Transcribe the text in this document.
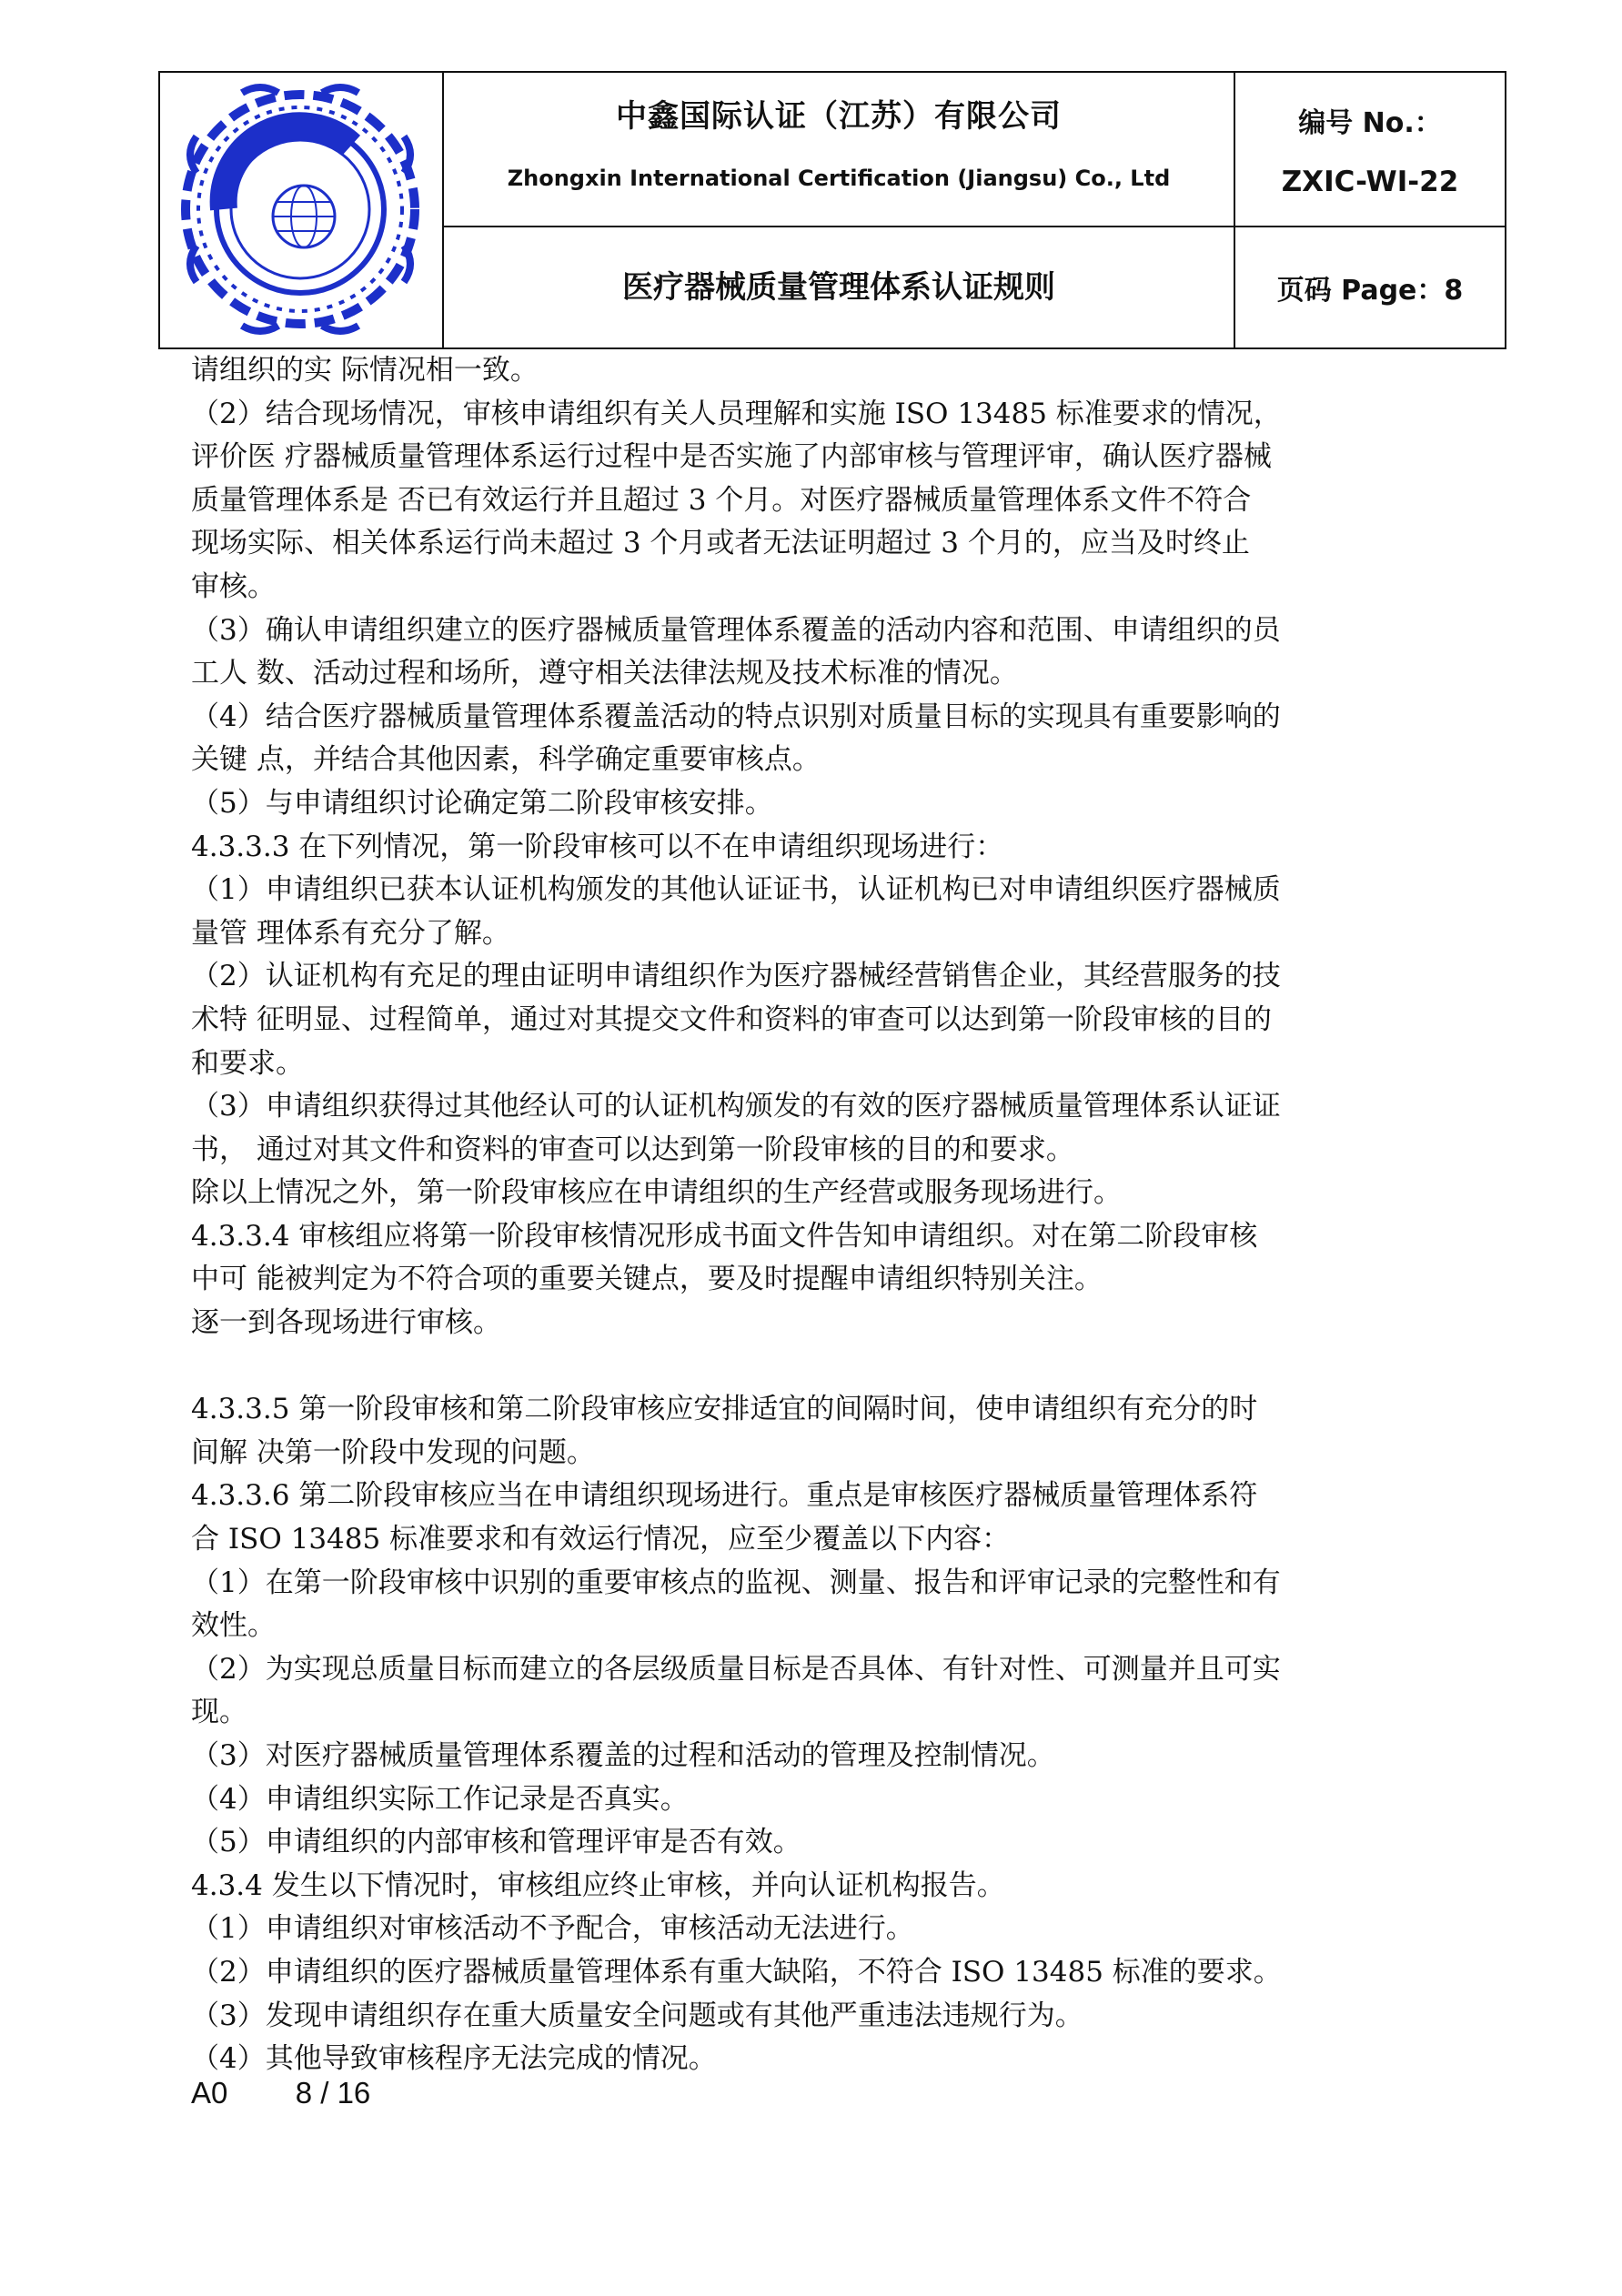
中鑫国际认证（江苏）有限公司
Zhongxin International Certification (Jiangsu) Co., Ltd
医疗器械质量管理体系认证规则
编号 No.：
ZXIC-WI-22
页码 Page：8
请组织的实 际情况相一致。
（2）结合现场情况，审核申请组织有关人员理解和实施 ISO 13485 标准要求的情况，
评价医 疗器械质量管理体系运行过程中是否实施了内部审核与管理评审，确认医疗器械
质量管理体系是 否已有效运行并且超过 3 个月。对医疗器械质量管理体系文件不符合
现场实际、相关体系运行尚未超过 3 个月或者无法证明超过 3 个月的，应当及时终止
审核。
（3）确认申请组织建立的医疗器械质量管理体系覆盖的活动内容和范围、申请组织的员
工人 数、活动过程和场所，遵守相关法律法规及技术标准的情况。
（4）结合医疗器械质量管理体系覆盖活动的特点识别对质量目标的实现具有重要影响的
关键 点，并结合其他因素，科学确定重要审核点。
（5）与申请组织讨论确定第二阶段审核安排。
4.3.3.3 在下列情况，第一阶段审核可以不在申请组织现场进行：
（1）申请组织已获本认证机构颁发的其他认证证书，认证机构已对申请组织医疗器械质
量管 理体系有充分了解。
（2）认证机构有充足的理由证明申请组织作为医疗器械经营销售企业，其经营服务的技
术特 征明显、过程简单，通过对其提交文件和资料的审查可以达到第一阶段审核的目的
和要求。
（3）申请组织获得过其他经认可的认证机构颁发的有效的医疗器械质量管理体系认证证
书， 通过对其文件和资料的审查可以达到第一阶段审核的目的和要求。
除以上情况之外，第一阶段审核应在申请组织的生产经营或服务现场进行。
4.3.3.4 审核组应将第一阶段审核情况形成书面文件告知申请组织。对在第二阶段审核
中可 能被判定为不符合项的重要关键点，要及时提醒申请组织特别关注。
逐一到各现场进行审核。
4.3.3.5 第一阶段审核和第二阶段审核应安排适宜的间隔时间，使申请组织有充分的时
间解 决第一阶段中发现的问题。
4.3.3.6 第二阶段审核应当在申请组织现场进行。重点是审核医疗器械质量管理体系符
合 ISO 13485 标准要求和有效运行情况，应至少覆盖以下内容：
（1）在第一阶段审核中识别的重要审核点的监视、测量、报告和评审记录的完整性和有
效性。
（2）为实现总质量目标而建立的各层级质量目标是否具体、有针对性、可测量并且可实
现。
（3）对医疗器械质量管理体系覆盖的过程和活动的管理及控制情况。
（4）申请组织实际工作记录是否真实。
（5）申请组织的内部审核和管理评审是否有效。
4.3.4 发生以下情况时，审核组应终止审核，并向认证机构报告。
（1）申请组织对审核活动不予配合，审核活动无法进行。
（2）申请组织的医疗器械质量管理体系有重大缺陷，不符合 ISO 13485 标准的要求。
（3）发现申请组织存在重大质量安全问题或有其他严重违法违规行为。
（4）其他导致审核程序无法完成的情况。
A0 8 / 16
